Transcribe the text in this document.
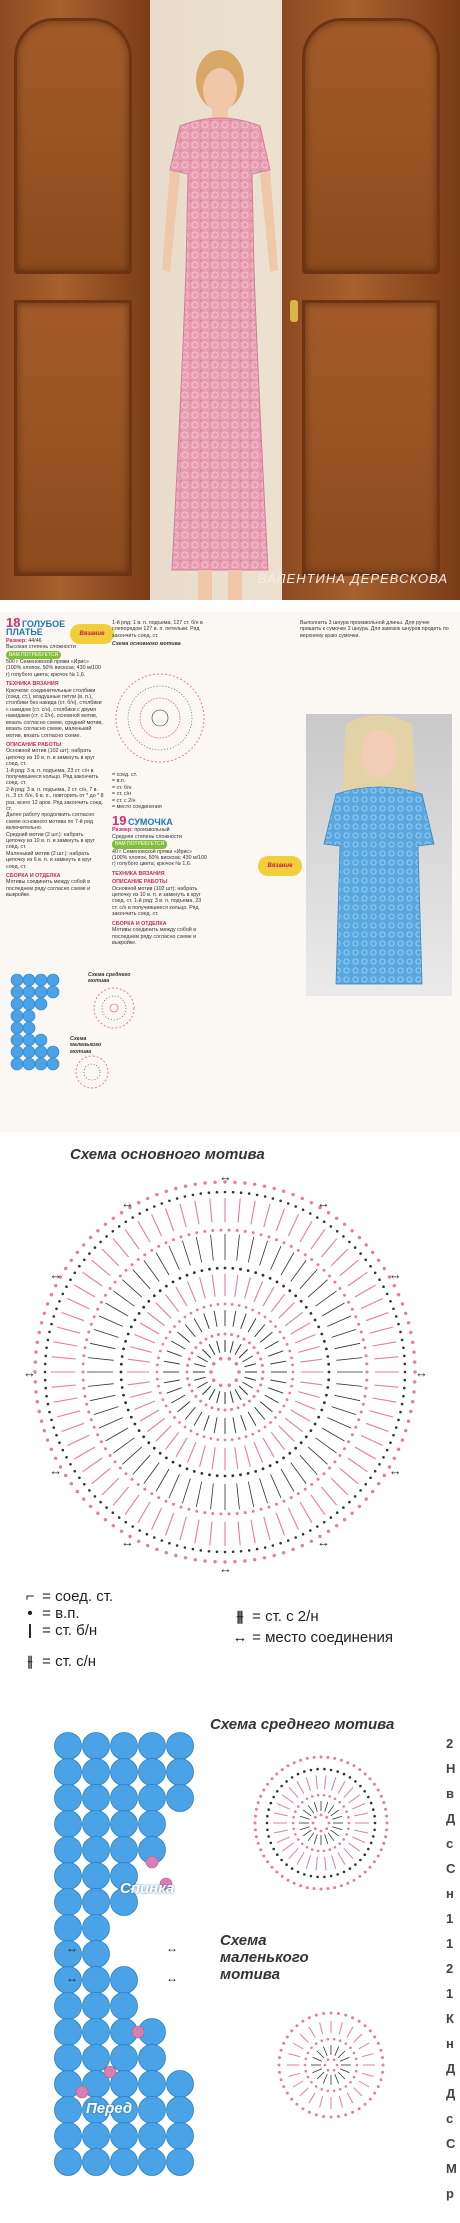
ВАЛЕНТИНА ДЕРЕВСКОВА
18 ГОЛУБОЕ ПЛАТЬЕ
Размер: 44/46
Высокая степень сложности
ВАМ ПОТРЕБУЕТСЯ
500 г Семеновской пряжи «Ирис» (100% хлопок, 50% вискоза; 430 м/100 г) голубого цвета; крючок № 1,6.
ТЕХНИКА ВЯЗАНИЯ
Крючком: соединительные столбики (соед. ст.), воздушные петли (в. п.), столбики без накида (ст. б/н), столбики с накидом (ст. с/н), столбики с двумя накидами (ст. с 2/н), основной мотив, вязать согласно схеме, средний мотив, вязать согласно схеме, маленький мотив, вязать согласно схеме.
ОПИСАНИЕ РАБОТЫ
Основной мотив (102 шт): набрать цепочку из 10 в. п. и замкнуть в круг соед. ст.
1-й ряд: 3 в. п. подъема, 23 ст. с/н в получившееся кольцо. Ряд закончить соед. ст.
2-й ряд: 3 в. п. подъема, 2 ст. с/н, 7 в. п., 3 ст. б/н, 6 в. п., повторить от * до * 8 раз, всего 12 арок. Ряд закончить соед. ст.
Далее работу продолжить согласно схеме основного мотива по 7-й ряд включительно.
Средний мотив (2 шт.): набрать цепочку из 10 в. п. и замкнуть в круг соед. ст.
Маленький мотив (2 шт.): набрать цепочку из 6 в. п. и замкнуть в круг соед. ст.
СБОРКА И ОТДЕЛКА
Мотивы соединить между собой в последнем ряду согласно схеме и выкройке.
Вязание
Схема среднего мотива
Схема маленького мотива
1-й ряд: 1 в. п. подъема, 127 ст. б/н в слепорядом 127 в. п. петельки. Ряд закончить соед. ст.
Схема основного мотива
= соед. ст.
= в.п.
= ст. б/н
= ст. с/н
= ст. с 2/н
= место соединения
19 СУМОЧКА
Размер: произвольный
Средняя степень сложности
ВАМ ПОТРЕБУЕТСЯ
40 г Семеновской пряжи «Ирис» (100% хлопок, 50% вискоза; 430 м/100 г) голубого цвета; крючок № 1,6.
ТЕХНИКА ВЯЗАНИЯ
ОПИСАНИЕ РАБОТЫ
Основной мотив (102 шт): набрать цепочку из 10 в. п. и замкнуть в круг соед. ст. 1-й ряд: 3 в. п. подъема, 23 ст. с/н в получившееся кольцо. Ряд закончить соед. ст.
СБОРКА И ОТДЕЛКА
Мотивы соединить между собой в последнем ряду согласно схеме и выкройке.
Вязание
Выполнить 3 шнура произвольной длины. Для ручек пришить к сумочке 2 шнура. Для завязок шнуров продеть по верхнему краю сумочки.
Схема основного мотива
↔
↔
↔
↔
↔
↔
↔
↔
↔
↔
↔
↔
⌐ = соед. ст.
• = в.п.
| = ст. б/н
⫲ = ст. с/н
⫵ = ст. с 2/н
↔ = место соединения
↔	↔
↔	↔
Спинка
Перед
Схема среднего мотива
Схема маленького мотива
2
Н
в
Д
с
С
н
1
1
2
1
К
н
Д
Д
с
С
М
р
